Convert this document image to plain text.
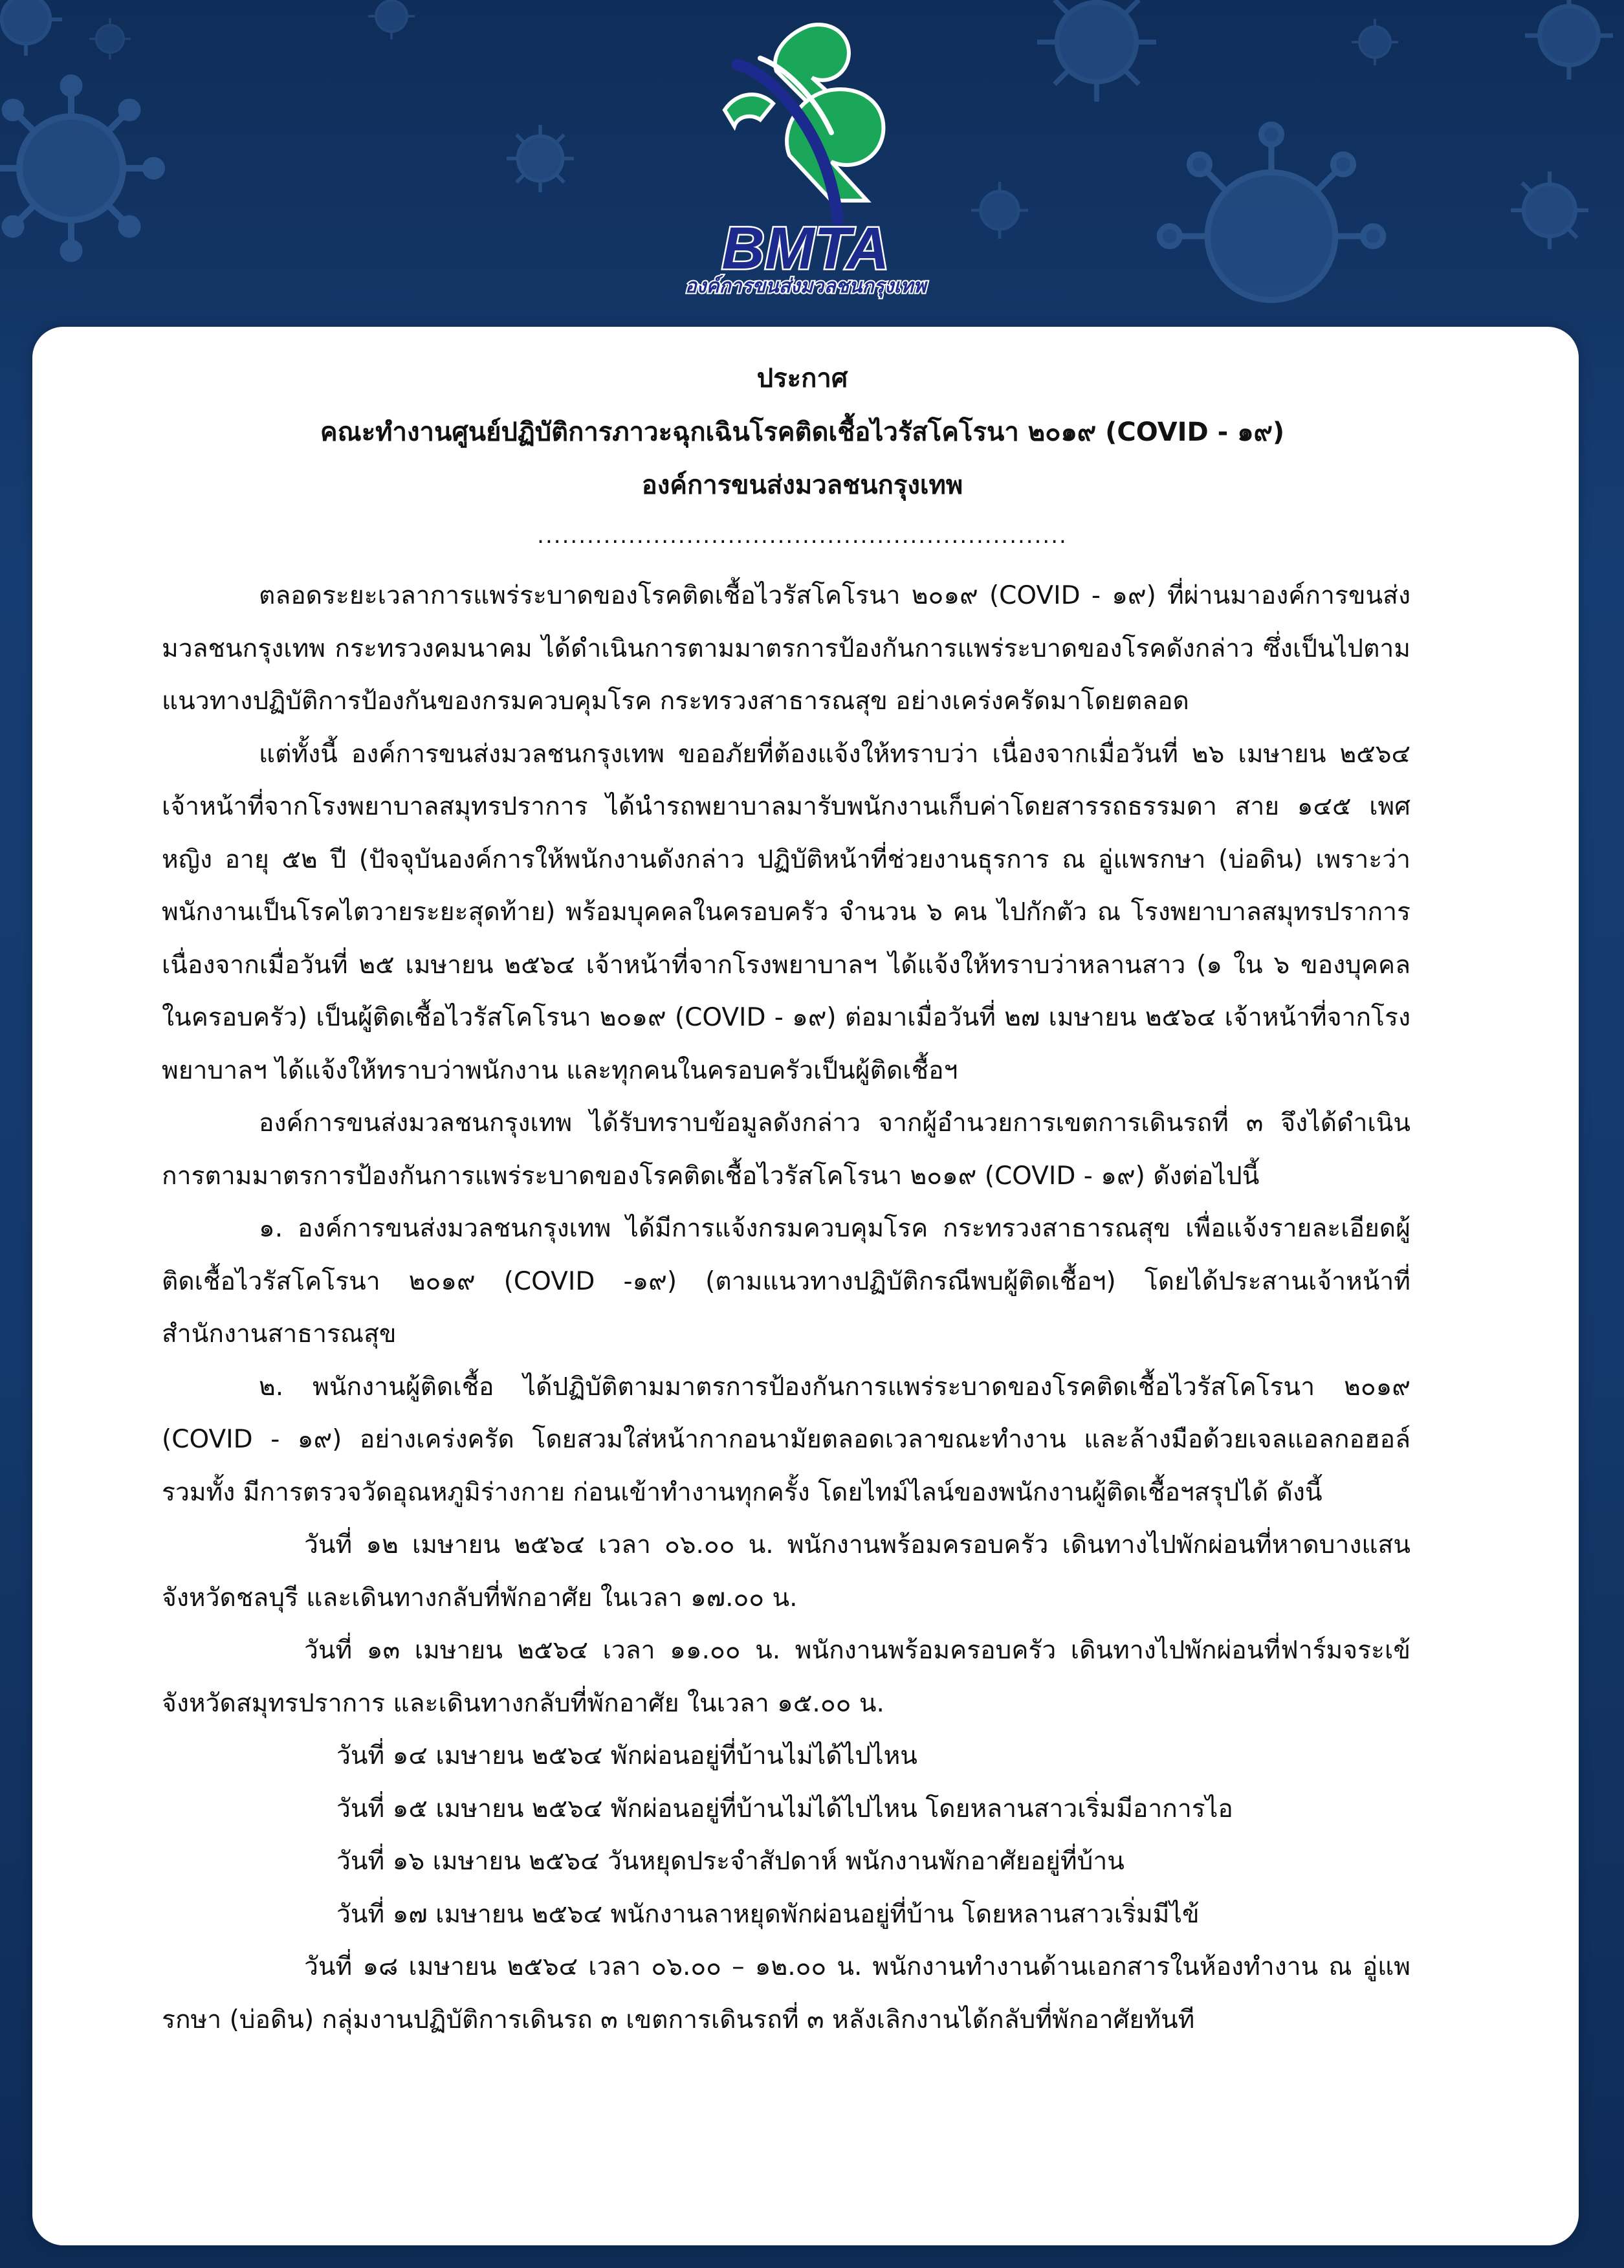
BMTA
องค์การขนส่งมวลชนกรุงเทพ
ประกาศ
คณะทำงานศูนย์ปฏิบัติการภาวะฉุกเฉินโรคติดเชื้อไวรัสโคโรนา ๒๐๑๙ (COVID - ๑๙)
องค์การขนส่งมวลชนกรุงเทพ
................................................................

ตลอดระยะเวลาการแพร่ระบาดของโรคติดเชื้อไวรัสโคโรนา ๒๐๑๙ (COVID - ๑๙) ที่ผ่านมาองค์การขนส่งมวลชนกรุงเทพ กระทรวงคมนาคม ได้ดำเนินการตามมาตรการป้องกันการแพร่ระบาดของโรคดังกล่าว ซึ่งเป็นไปตามแนวทางปฏิบัติการป้องกันของกรมควบคุมโรค กระทรวงสาธารณสุข อย่างเคร่งครัดมาโดยตลอด

แต่ทั้งนี้ องค์การขนส่งมวลชนกรุงเทพ ขออภัยที่ต้องแจ้งให้ทราบว่า เนื่องจากเมื่อวันที่ ๒๖ เมษายน ๒๕๖๔ เจ้าหน้าที่จากโรงพยาบาลสมุทรปราการ ได้นำรถพยาบาลมารับพนักงานเก็บค่าโดยสารรถธรรมดา สาย ๑๔๕ เพศหญิง อายุ ๕๒ ปี (ปัจจุบันองค์การให้พนักงานดังกล่าว ปฏิบัติหน้าที่ช่วยงานธุรการ ณ อู่แพรกษา (บ่อดิน) เพราะว่าพนักงานเป็นโรคไตวายระยะสุดท้าย) พร้อมบุคคลในครอบครัว จำนวน ๖ คน ไปกักตัว ณ โรงพยาบาลสมุทรปราการ เนื่องจากเมื่อวันที่ ๒๕ เมษายน ๒๕๖๔ เจ้าหน้าที่จากโรงพยาบาลฯ ได้แจ้งให้ทราบว่าหลานสาว (๑ ใน ๖ ของบุคคลในครอบครัว) เป็นผู้ติดเชื้อไวรัสโคโรนา ๒๐๑๙ (COVID - ๑๙) ต่อมาเมื่อวันที่ ๒๗ เมษายน ๒๕๖๔ เจ้าหน้าที่จากโรงพยาบาลฯ ได้แจ้งให้ทราบว่าพนักงาน และทุกคนในครอบครัวเป็นผู้ติดเชื้อฯ

องค์การขนส่งมวลชนกรุงเทพ ได้รับทราบข้อมูลดังกล่าว จากผู้อำนวยการเขตการเดินรถที่ ๓ จึงได้ดำเนินการตามมาตรการป้องกันการแพร่ระบาดของโรคติดเชื้อไวรัสโคโรนา ๒๐๑๙ (COVID - ๑๙) ดังต่อไปนี้

๑. องค์การขนส่งมวลชนกรุงเทพ ได้มีการแจ้งกรมควบคุมโรค กระทรวงสาธารณสุข เพื่อแจ้งรายละเอียดผู้ติดเชื้อไวรัสโคโรนา ๒๐๑๙ (COVID -๑๙) (ตามแนวทางปฏิบัติกรณีพบผู้ติดเชื้อฯ) โดยได้ประสานเจ้าหน้าที่สำนักงานสาธารณสุข

๒. พนักงานผู้ติดเชื้อ ได้ปฏิบัติตามมาตรการป้องกันการแพร่ระบาดของโรคติดเชื้อไวรัสโคโรนา ๒๐๑๙ (COVID - ๑๙) อย่างเคร่งครัด โดยสวมใส่หน้ากากอนามัยตลอดเวลาขณะทำงาน และล้างมือด้วยเจลแอลกอฮอล์ รวมทั้ง มีการตรวจวัดอุณหภูมิร่างกาย ก่อนเข้าทำงานทุกครั้ง โดยไทม์ไลน์ของพนักงานผู้ติดเชื้อฯสรุปได้ ดังนี้

วันที่ ๑๒ เมษายน ๒๕๖๔ เวลา ๐๖.๐๐ น. พนักงานพร้อมครอบครัว เดินทางไปพักผ่อนที่หาดบางแสน จังหวัดชลบุรี และเดินทางกลับที่พักอาศัย ในเวลา ๑๗.๐๐ น.

วันที่ ๑๓ เมษายน ๒๕๖๔ เวลา ๑๑.๐๐ น. พนักงานพร้อมครอบครัว เดินทางไปพักผ่อนที่ฟาร์มจระเข้ จังหวัดสมุทรปราการ และเดินทางกลับที่พักอาศัย ในเวลา ๑๕.๐๐ น.

วันที่ ๑๔ เมษายน ๒๕๖๔ พักผ่อนอยู่ที่บ้านไม่ได้ไปไหน

วันที่ ๑๕ เมษายน ๒๕๖๔ พักผ่อนอยู่ที่บ้านไม่ได้ไปไหน โดยหลานสาวเริ่มมีอาการไอ

วันที่ ๑๖ เมษายน ๒๕๖๔ วันหยุดประจำสัปดาห์ พนักงานพักอาศัยอยู่ที่บ้าน

วันที่ ๑๗ เมษายน ๒๕๖๔ พนักงานลาหยุดพักผ่อนอยู่ที่บ้าน โดยหลานสาวเริ่มมีไข้

วันที่ ๑๘ เมษายน ๒๕๖๔ เวลา ๐๖.๐๐ – ๑๒.๐๐ น. พนักงานทำงานด้านเอกสารในห้องทำงาน ณ อู่แพรกษา (บ่อดิน) กลุ่มงานปฏิบัติการเดินรถ ๓ เขตการเดินรถที่ ๓ หลังเลิกงานได้กลับที่พักอาศัยทันที
